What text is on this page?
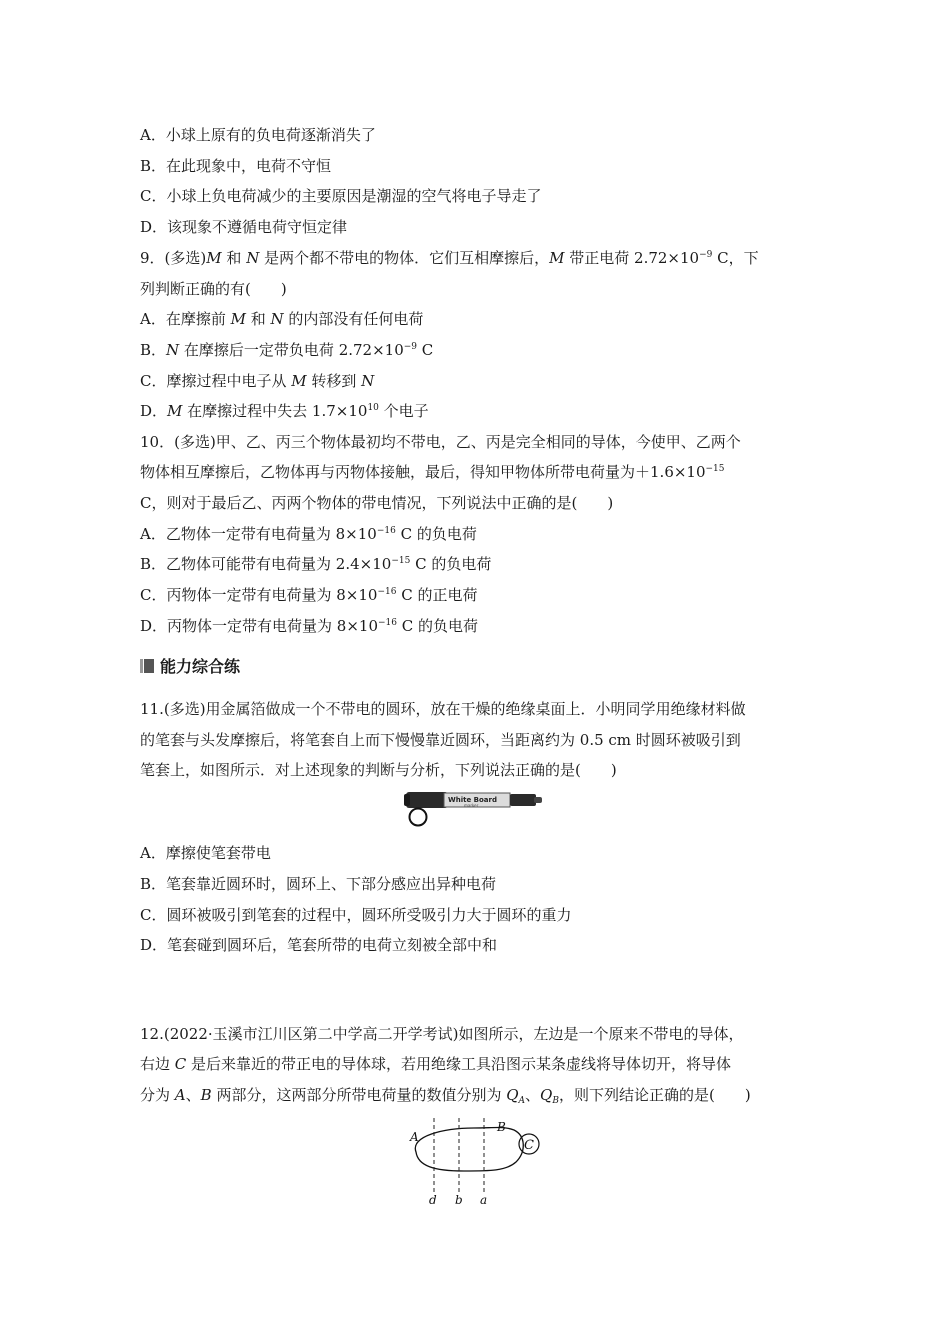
A．小球上原有的负电荷逐渐消失了
B．在此现象中，电荷不守恒
C．小球上负电荷减少的主要原因是潮湿的空气将电子导走了
D．该现象不遵循电荷守恒定律
9．(多选)M 和 N 是两个都不带电的物体．它们互相摩擦后，M 带正电荷 $2.72\times 10^{-9}$ C，下
列判断正确的有(　　)
A．在摩擦前 M 和 N 的内部没有任何电荷
B．N 在摩擦后一定带负电荷 $2.72\times 10^{-9}$ C
C．摩擦过程中电子从 M 转移到 N
D．M 在摩擦过程中失去 $1.7\times 10^{10}$ 个电子
10．(多选)甲、乙、丙三个物体最初均不带电，乙、丙是完全相同的导体，今使甲、乙两个
物体相互摩擦后，乙物体再与丙物体接触，最后，得知甲物体所带电荷量为$+1.6\times 10^{-15}$
C，则对于最后乙、丙两个物体的带电情况，下列说法中正确的是(　　)
A．乙物体一定带有电荷量为 $8\times 10^{-16}$ C 的负电荷
B．乙物体可能带有电荷量为 $2.4\times 10^{-15}$ C 的负电荷
C．丙物体一定带有电荷量为 $8\times 10^{-16}$ C 的正电荷
D．丙物体一定带有电荷量为 $8\times 10^{-16}$ C 的负电荷
能力综合练
11.(多选)用金属箔做成一个不带电的圆环，放在干燥的绝缘桌面上．小明同学用绝缘材料做
的笔套与头发摩擦后，将笔套自上而下慢慢靠近圆环，当距离约为 0.5 cm 时圆环被吸引到
笔套上，如图所示．对上述现象的判断与分析，下列说法正确的是(　　)
White Board
marker
A．摩擦使笔套带电
B．笔套靠近圆环时，圆环上、下部分感应出异种电荷
C．圆环被吸引到笔套的过程中，圆环所受吸引力大于圆环的重力
D．笔套碰到圆环后，笔套所带的电荷立刻被全部中和
12.(2022·玉溪市江川区第二中学高二开学考试)如图所示，左边是一个原来不带电的导体，
右边 C 是后来靠近的带正电的导体球，若用绝缘工具沿图示某条虚线将导体切开，将导体
分为 A、B 两部分，这两部分所带电荷量的数值分别为 $Q_A$、$Q_B$，则下列结论正确的是(　　)
C
A
B
d b a
